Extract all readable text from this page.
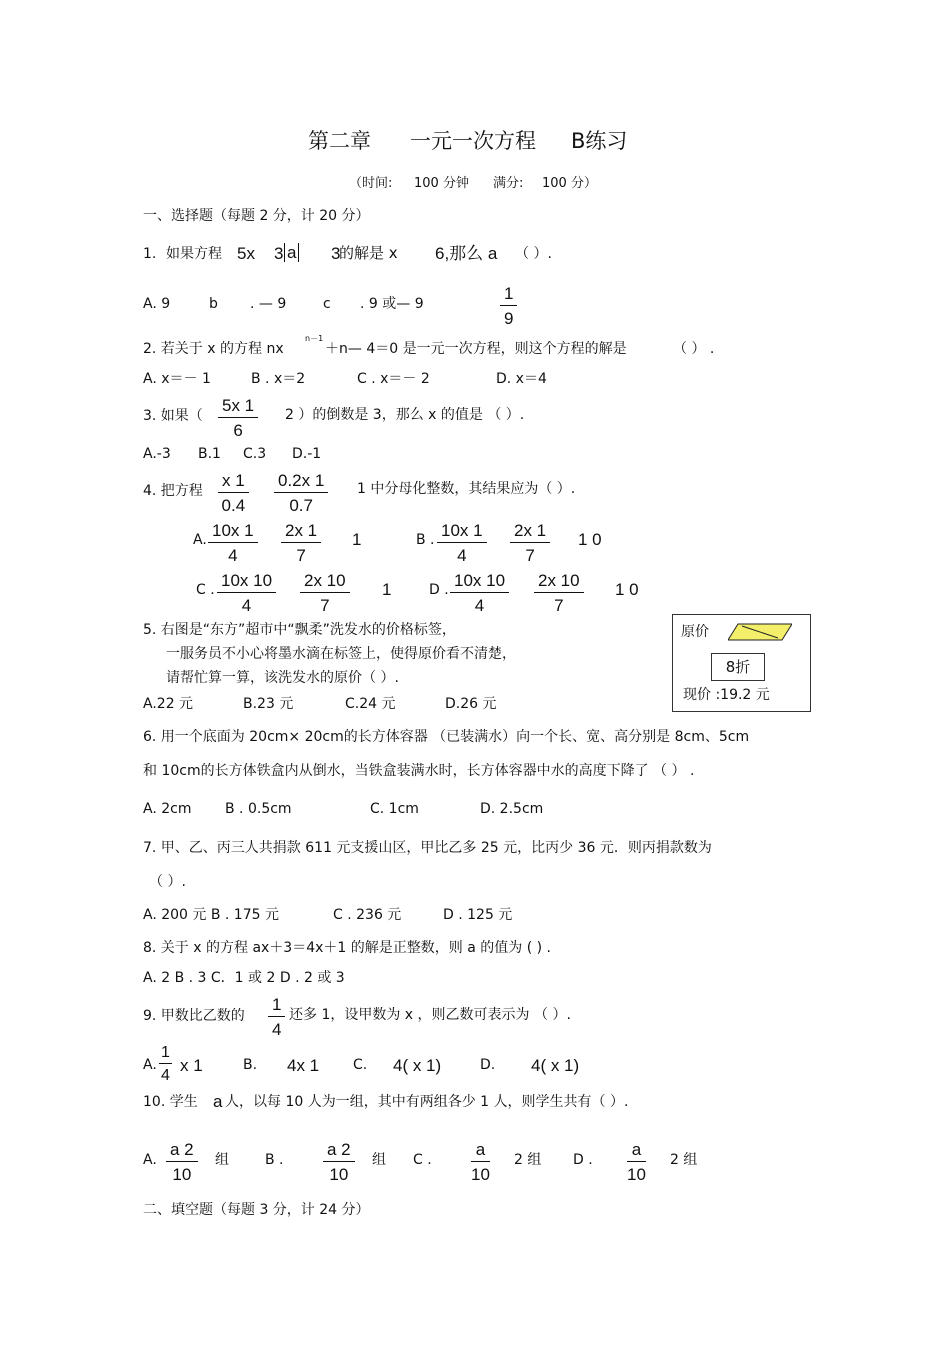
第二章 一元一次方程 B练习
（时间: 100 分钟 满分: 100 分）
一、选择题（每题 2 分，计 20 分）
1. 如果方程 5x 3 a 3
的解是 x 6,那么 a （ ）.
A. 9	b . — 9	c . 9 或— 9	$\frac{1}{9}$
2. 若关于 x 的方程 nx
n－1
＋n— 4＝0 是一元一次方程，则这个方程的解是	（ ） .
A. x＝－ 1	B . x＝2	C . x＝－ 2	D. x＝4
3. 如果（ $\frac{5x 1}{6} 2$ ）的倒数是 3，那么 x 的值是 （ ）.
A.-3 B.1 C.3 D.-1
4. 把方程 $\frac{x 1}{0.4} \frac{0.2x 1}{0.7} 1$ 中分母化整数，其结果应为（ ）.
A. $\frac{10x 1}{4} \frac{2x 1}{7} 1$	B . $\frac{10x 1}{4} \frac{2x 1}{7} 1$ 0
C . $\frac{10x 10}{4} \frac{2x 10}{7} 1$	D . $\frac{10x 10}{4} \frac{2x 10}{7} 1$ 0
5. 右图是“东方”超市中“飘柔”洗发水的价格标签，
一服务员不小心将墨水滴在标签上，使得原价看不清楚，
请帮忙算一算，该洗发水的原价（ ）.
A.22 元	B.23 元	C.24 元	D.26 元
原价
8折
现价 :19.2 元
6. 用一个底面为 20cm× 20cm的长方体容器 （已装满水）向一个长、宽、高分别是 8cm、5cm
和 10cm的长方体铁盒内从倒水，当铁盒装满水时，长方体容器中水的高度下降了 （ ） .
A. 2cm B . 0.5cm	C. 1cm	D. 2.5cm
7. 甲、乙、丙三人共捐款 611 元支援山区，甲比乙多 25 元，比丙少 36 元．则丙捐款数为
（ ）.
A. 200 元 B . 175 元	C . 236 元	D . 125 元
8. 关于 x 的方程 ax＋3＝4x＋1 的解是正整数，则 a 的值为 ( ) .
A. 2 B . 3 C．1 或 2 D . 2 或 3
9. 甲数比乙数的 $\frac{1}{4}$ 还多 1，设甲数为 x ，则乙数可表示为 （ ）.
A. $\frac{1}{4}$ x 1	B. 4x 1 C. 4( x 1)	D. 4( x 1)
10. 学生 a 人，以每 10 人为一组，其中有两组各少 1 人，则学生共有（ ）.
A. $\frac{a 2}{10}$ 组	B . $\frac{a 2}{10}$ 组 C . $\frac{a}{10} 2$ 组 D . $\frac{a}{10} 2$ 组
二、填空题（每题 3 分，计 24 分）
